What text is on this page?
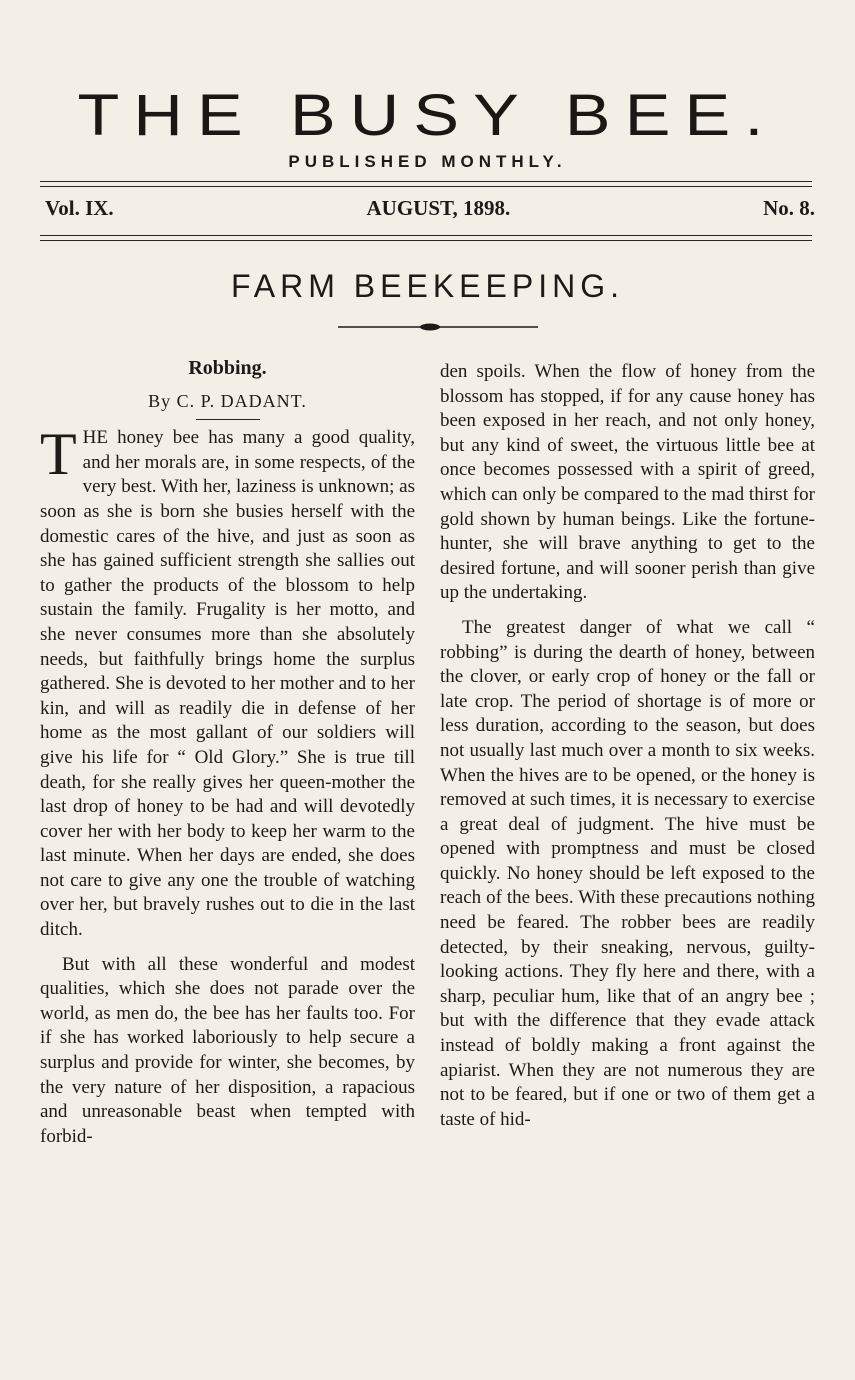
THE BUSY BEE.
PUBLISHED MONTHLY.
Vol. IX.	AUGUST, 1898.	No. 8.
FARM BEEKEEPING.
Robbing.
By C. P. DADANT.

THE honey bee has many a good quality, and her morals are, in some respects, of the very best. With her, laziness is unknown; as soon as she is born she busies herself with the domestic cares of the hive, and just as soon as she has gained sufficient strength she sallies out to gather the products of the blossom to help sustain the family. Frugality is her motto, and she never consumes more than she absolutely needs, but faithfully brings home the surplus gathered. She is devoted to her mother and to her kin, and will as readily die in defense of her home as the most gallant of our soldiers will give his life for “ Old Glory.” She is true till death, for she really gives her queen-mother the last drop of honey to be had and will devotedly cover her with her body to keep her warm to the last minute. When her days are ended, she does not care to give any one the trouble of watching over her, but bravely rushes out to die in the last ditch.

But with all these wonderful and modest qualities, which she does not parade over the world, as men do, the bee has her faults too. For if she has worked laboriously to help secure a surplus and provide for winter, she becomes, by the very nature of her disposition, a rapacious and unreasonable beast when tempted with forbid-

den spoils. When the flow of honey from the blossom has stopped, if for any cause honey has been exposed in her reach, and not only honey, but any kind of sweet, the virtuous little bee at once becomes possessed with a spirit of greed, which can only be compared to the mad thirst for gold shown by human beings. Like the fortune-hunter, she will brave anything to get to the desired fortune, and will sooner perish than give up the undertaking.

The greatest danger of what we call “ robbing” is during the dearth of honey, between the clover, or early crop of honey or the fall or late crop. The period of shortage is of more or less duration, according to the season, but does not usually last much over a month to six weeks. When the hives are to be opened, or the honey is removed at such times, it is necessary to exercise a great deal of judgment. The hive must be opened with promptness and must be closed quickly. No honey should be left exposed to the reach of the bees. With these precautions nothing need be feared. The robber bees are readily detected, by their sneaking, nervous, guilty-looking actions. They fly here and there, with a sharp, peculiar hum, like that of an angry bee ; but with the difference that they evade attack instead of boldly making a front against the apiarist. When they are not numerous they are not to be feared, but if one or two of them get a taste of hid-
